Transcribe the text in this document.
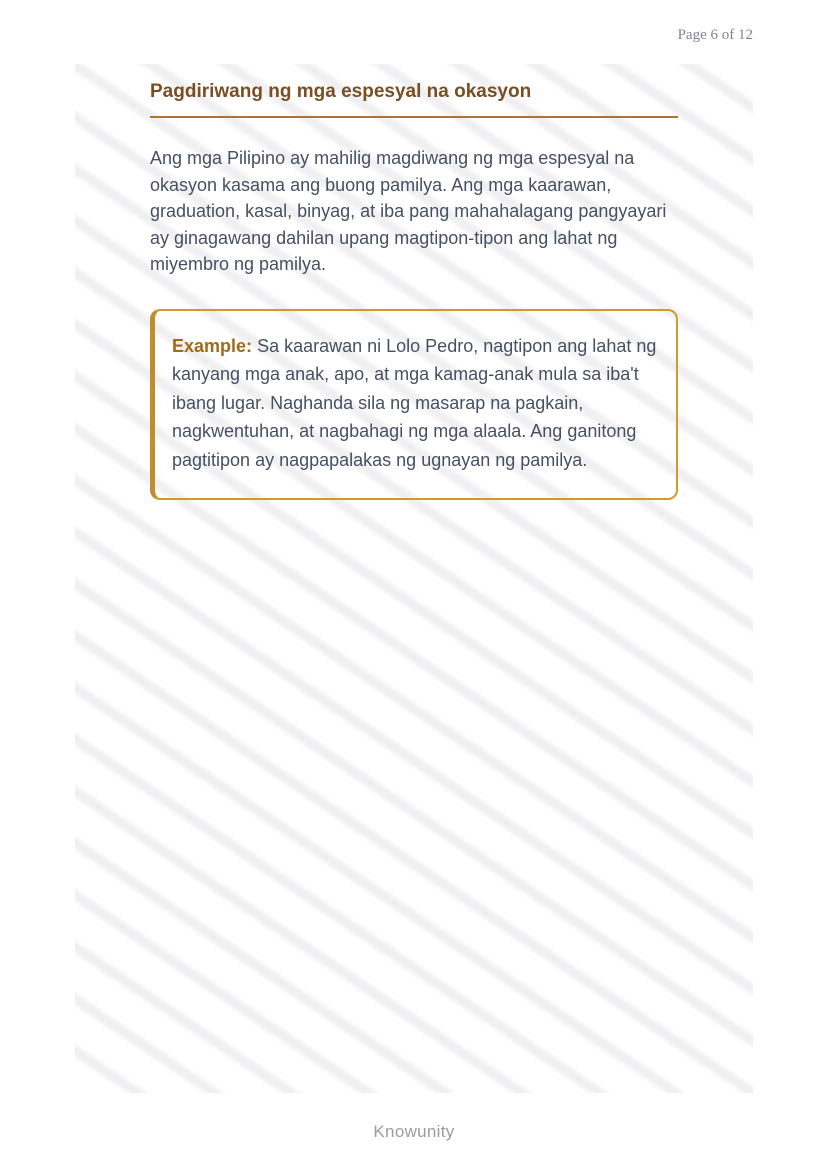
Page 6 of 12
Pagdiriwang ng mga espesyal na okasyon

Ang mga Pilipino ay mahilig magdiwang ng mga espesyal na okasyon kasama ang buong pamilya. Ang mga kaarawan, graduation, kasal, binyag, at iba pang mahahalagang pangyayari ay ginagawang dahilan upang magtipon-tipon ang lahat ng miyembro ng pamilya.

Example: Sa kaarawan ni Lolo Pedro, nagtipon ang lahat ng kanyang mga anak, apo, at mga kamag-anak mula sa iba't ibang lugar. Naghanda sila ng masarap na pagkain, nagkwentuhan, at nagbahagi ng mga alaala. Ang ganitong pagtitipon ay nagpapalakas ng ugnayan ng pamilya.

Knowunity
